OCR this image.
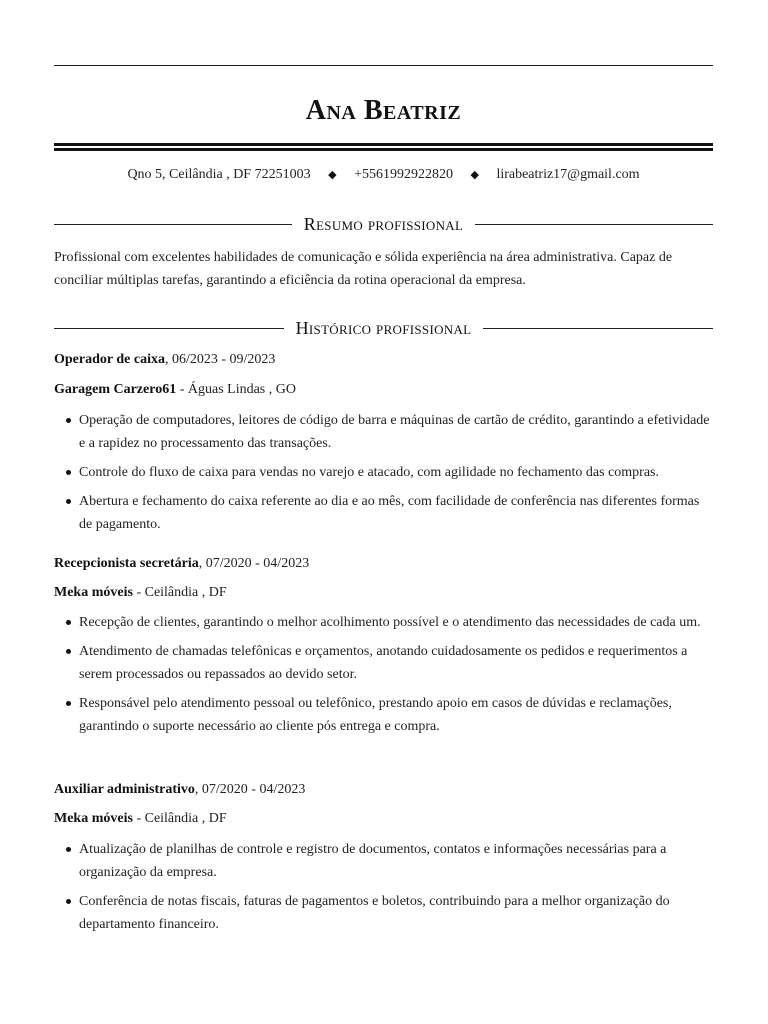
Ana Beatriz
Qno 5, Ceilândia , DF 72251003 ◆ +5561992922820 ◆ lirabeatriz17@gmail.com
Resumo profissional
Profissional com excelentes habilidades de comunicação e sólida experiência na área administrativa. Capaz de conciliar múltiplas tarefas, garantindo a eficiência da rotina operacional da empresa.
Histórico profissional
Operador de caixa, 06/2023 - 09/2023
Garagem Carzero61 - Águas Lindas , GO
Operação de computadores, leitores de código de barra e máquinas de cartão de crédito, garantindo a efetividade e a rapidez no processamento das transações.
Controle do fluxo de caixa para vendas no varejo e atacado, com agilidade no fechamento das compras.
Abertura e fechamento do caixa referente ao dia e ao mês, com facilidade de conferência nas diferentes formas de pagamento.
Recepcionista secretária, 07/2020 - 04/2023
Meka móveis - Ceilândia , DF
Recepção de clientes, garantindo o melhor acolhimento possível e o atendimento das necessidades de cada um.
Atendimento de chamadas telefônicas e orçamentos, anotando cuidadosamente os pedidos e requerimentos a serem processados ou repassados ao devido setor.
Responsável pelo atendimento pessoal ou telefônico, prestando apoio em casos de dúvidas e reclamações, garantindo o suporte necessário ao cliente pós entrega e compra.
Auxiliar administrativo, 07/2020 - 04/2023
Meka móveis - Ceilândia , DF
Atualização de planilhas de controle e registro de documentos, contatos e informações necessárias para a organização da empresa.
Conferência de notas fiscais, faturas de pagamentos e boletos, contribuindo para a melhor organização do departamento financeiro.
